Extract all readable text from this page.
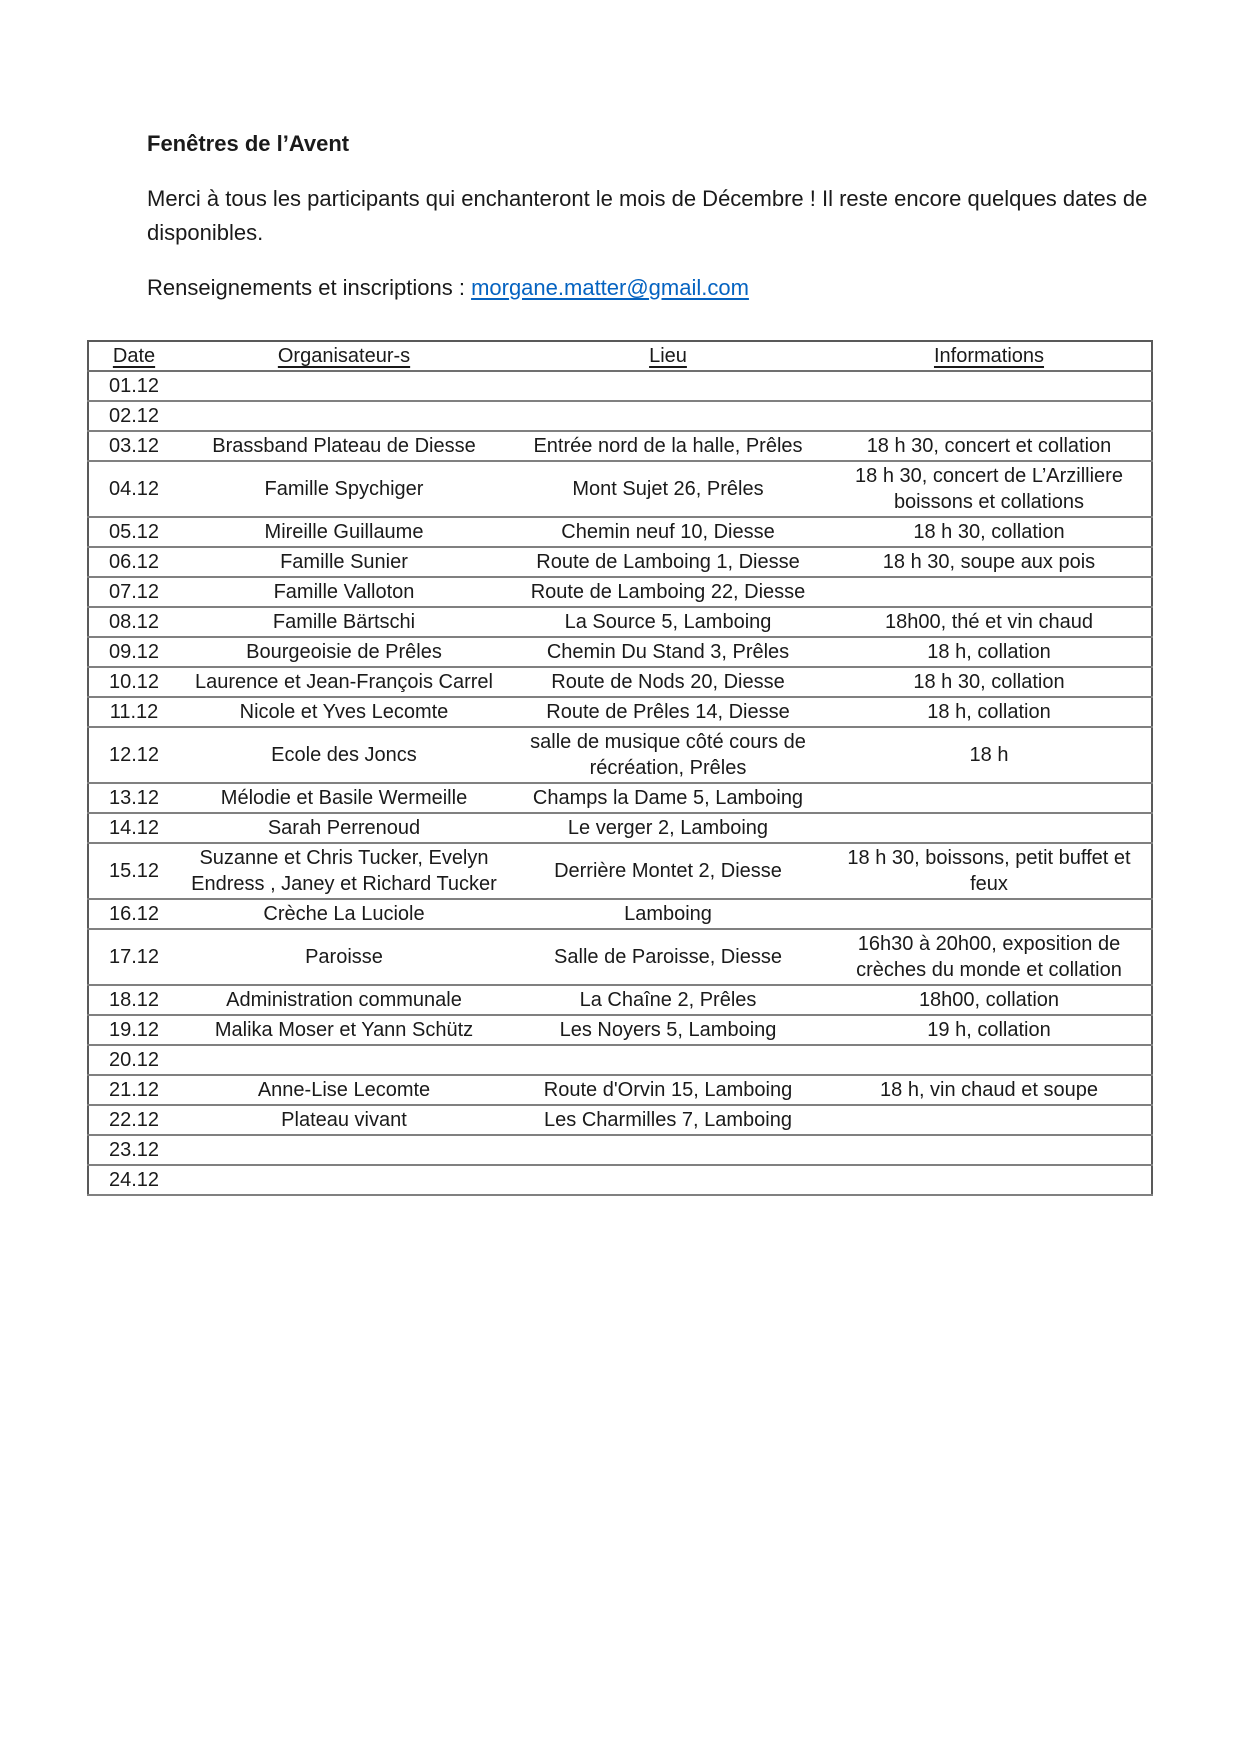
Fenêtres de l’Avent

Merci à tous les participants qui enchanteront le mois de Décembre ! Il reste encore quelques dates de disponibles.

Renseignements et inscriptions : morgane.matter@gmail.com

Date	Organisateur-s	Lieu	Informations
01.12			
02.12			
03.12	Brassband Plateau de Diesse	Entrée nord de la halle, Prêles	18 h 30, concert et collation
04.12	Famille Spychiger	Mont Sujet 26, Prêles	18 h 30, concert de L’Arzilliere boissons et collations
05.12	Mireille Guillaume	Chemin neuf 10, Diesse	18 h 30, collation
06.12	Famille Sunier	Route de Lamboing 1, Diesse	18 h 30, soupe aux pois
07.12	Famille Valloton	Route de Lamboing 22, Diesse	
08.12	Famille Bärtschi	La Source 5, Lamboing	18h00, thé et vin chaud
09.12	Bourgeoisie de Prêles	Chemin Du Stand 3, Prêles	18 h, collation
10.12	Laurence et Jean-François Carrel	Route de Nods 20, Diesse	18 h 30, collation
11.12	Nicole et Yves Lecomte	Route de Prêles 14, Diesse	18 h, collation
12.12	Ecole des Joncs	salle de musique côté cours de récréation, Prêles	18 h
13.12	Mélodie et Basile Wermeille	Champs la Dame 5, Lamboing	
14.12	Sarah Perrenoud	Le verger 2, Lamboing	
15.12	Suzanne et Chris Tucker, Evelyn Endress , Janey et Richard Tucker	Derrière Montet 2, Diesse	18 h 30, boissons, petit buffet et feux
16.12	Crèche La Luciole	Lamboing	
17.12	Paroisse	Salle de Paroisse, Diesse	16h30 à 20h00, exposition de crèches du monde et collation
18.12	Administration communale	La Chaîne 2, Prêles	18h00, collation
19.12	Malika Moser et Yann Schütz	Les Noyers 5, Lamboing	19 h, collation
20.12			
21.12	Anne-Lise Lecomte	Route d'Orvin 15, Lamboing	18 h, vin chaud et soupe
22.12	Plateau vivant	Les Charmilles 7, Lamboing	
23.12			
24.12			
